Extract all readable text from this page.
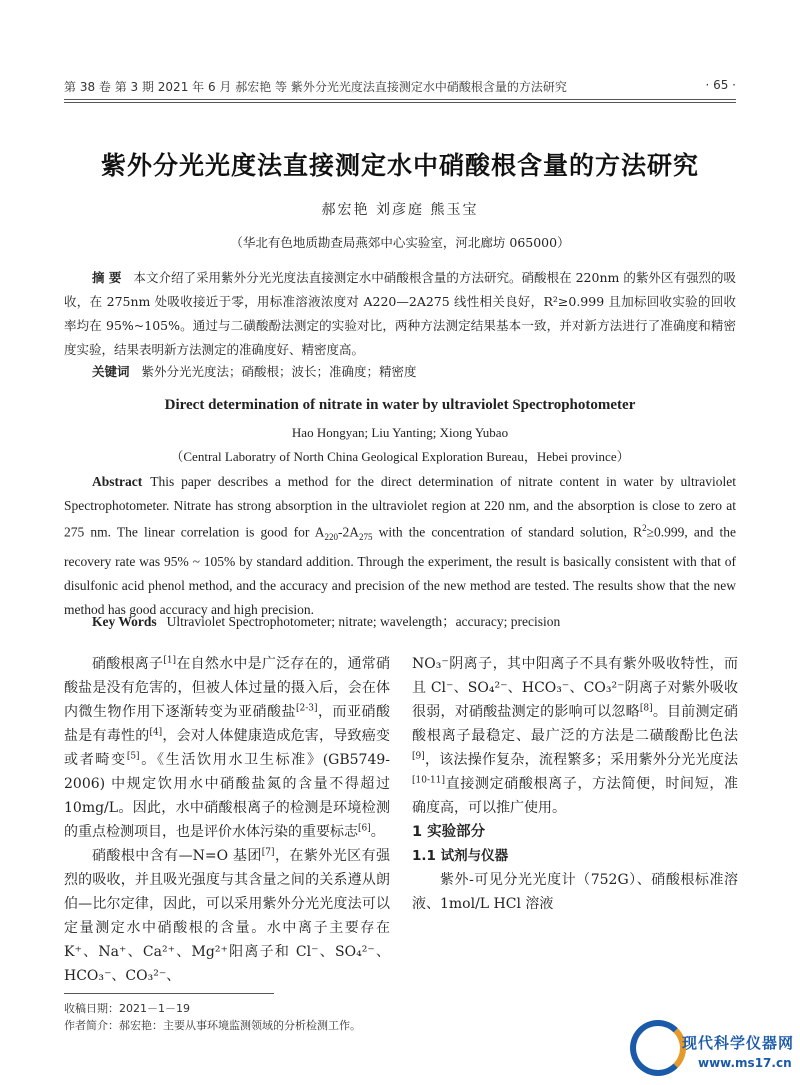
第 38 卷 第 3 期 2021 年 6 月 郝宏艳 等 紫外分光光度法直接测定水中硝酸根含量的方法研究	· 65 ·
紫外分光光度法直接测定水中硝酸根含量的方法研究
郝宏艳 刘彦庭 熊玉宝
（华北有色地质勘查局燕郊中心实验室，河北廊坊 065000）
摘 要 本文介绍了采用紫外分光光度法直接测定水中硝酸根含量的方法研究。硝酸根在 220nm 的紫外区有强烈的吸收，在 275nm 处吸收接近于零，用标准溶液浓度对 A220—2A275 线性相关良好，R²≥0.999 且加标回收实验的回收率均在 95%~105%。通过与二磺酸酚法测定的实验对比，两种方法测定结果基本一致，并对新方法进行了准确度和精密度实验，结果表明新方法测定的准确度好、精密度高。
关键词 紫外分光光度法；硝酸根；波长；准确度；精密度
Direct determination of nitrate in water by ultraviolet Spectrophotometer
Hao Hongyan; Liu Yanting; Xiong Yubao
（Central Laboratry of North China Geological Exploration Bureau，Hebei province）
Abstract This paper describes a method for the direct determination of nitrate content in water by ultraviolet Spectrophotometer. Nitrate has strong absorption in the ultraviolet region at 220 nm, and the absorption is close to zero at 275 nm. The linear correlation is good for $A_{220}-2A_{275}$ with the concentration of standard solution, $R^2\ge 0.999$, and the recovery rate was 95% ~ 105% by standard addition. Through the experiment, the result is basically consistent with that of disulfonic acid phenol method, and the accuracy and precision of the new method are tested. The results show that the new method has good accuracy and high precision.
Key Words Ultraviolet Spectrophotometer; nitrate; wavelength；accuracy; precision

硝酸根离子[1]在自然水中是广泛存在的，通常硝酸盐是没有危害的，但被人体过量的摄入后，会在体内微生物作用下逐渐转变为亚硝酸盐[2-3]，而亚硝酸盐是有毒性的[4]，会对人体健康造成危害，导致癌变或者畸变[5]。《生活饮用水卫生标准》(GB5749-2006) 中规定饮用水中硝酸盐氮的含量不得超过 10mg/L。因此，水中硝酸根离子的检测是环境检测的重点检测项目，也是评价水体污染的重要标志[6]。

硝酸根中含有—N=O 基团[7]，在紫外光区有强烈的吸收，并且吸光强度与其含量之间的关系遵从朗伯—比尔定律，因此，可以采用紫外分光光度法可以定量测定水中硝酸根的含量。水中离子主要存在 K⁺、Na⁺、Ca²⁺、Mg²⁺阳离子和 Cl⁻、SO₄²⁻、HCO₃⁻、CO₃²⁻、

NO₃⁻阴离子，其中阳离子不具有紫外吸收特性，而且 Cl⁻、SO₄²⁻、HCO₃⁻、CO₃²⁻阴离子对紫外吸收很弱，对硝酸盐测定的影响可以忽略[8]。目前测定硝酸根离子最稳定、最广泛的方法是二磺酸酚比色法[9]，该法操作复杂，流程繁多；采用紫外分光光度法[10-11]直接测定硝酸根离子，方法简便，时间短，准确度高，可以推广使用。

1 实验部分

1.1 试剂与仪器

紫外-可见分光光度计（752G）、硝酸根标准溶液、1mol/L HCl 溶液

收稿日期：2021－1－19
作者简介：郝宏艳：主要从事环境监测领域的分析检测工作。
现代科学仪器网
www.ms17.cn
